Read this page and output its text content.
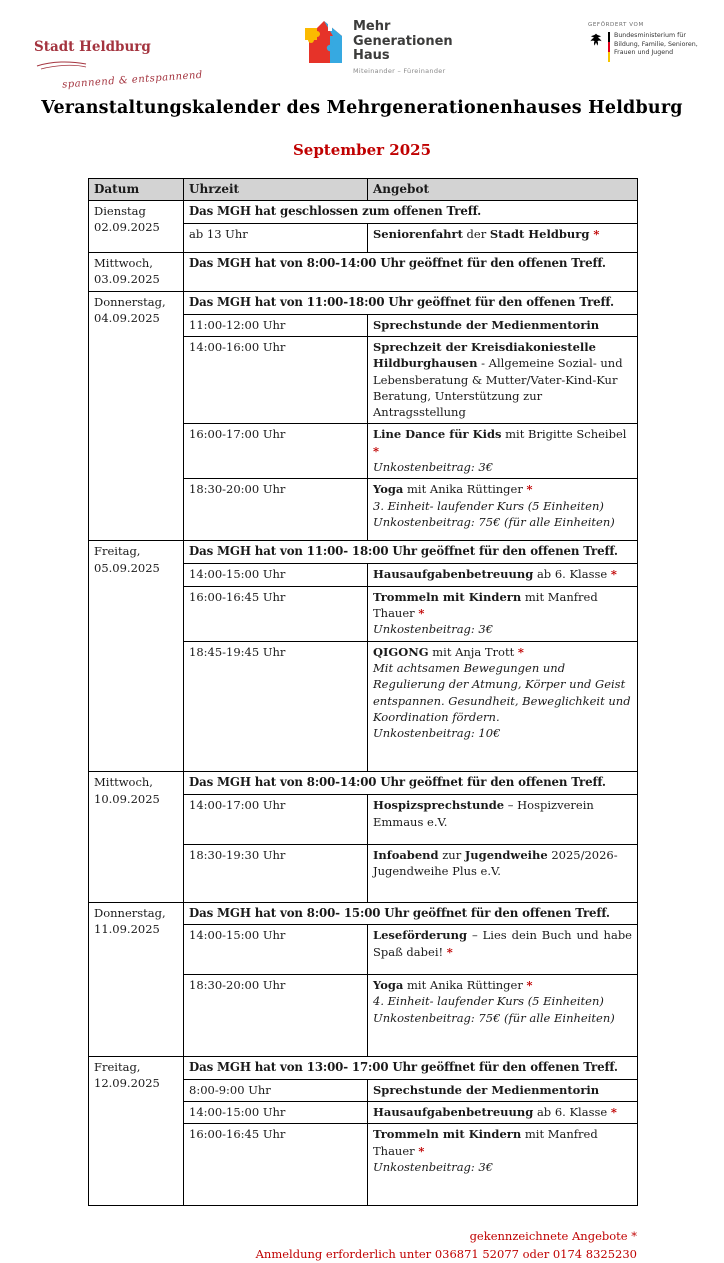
Stadt Heldburg
spannend & entspannend
Mehr
Generationen
Haus
Miteinander – Füreinander
GEFÖRDERT VOM
Bundesministerium für Bildung, Familie, Senioren, Frauen und Jugend
Veranstaltungskalender des Mehrgenerationenhauses Heldburg
September 2025
Datum	Uhrzeit	Angebot

Dienstag
02.09.2025	Das MGH hat geschlossen zum offenen Treff.	
	ab 13 Uhr	Seniorenfahrt der Stadt Heldburg *

Mittwoch,
03.09.2025	Das MGH hat von 8:00-14:00 Uhr geöffnet für den offenen Treff.	

Donnerstag,
04.09.2025	Das MGH hat von 11:00-18:00 Uhr geöffnet für den offenen Treff.	
	11:00-12:00 Uhr	Sprechstunde der Medienmentorin

	14:00-16:00 Uhr	Sprechzeit der Kreisdiakoniestelle Hildburghausen - Allgemeine Sozial- und Lebensberatung & Mutter/Vater-Kind-Kur Beratung, Unterstützung zur Antragsstellung

	16:00-17:00 Uhr	Line Dance für Kids mit Brigitte Scheibel *
Unkostenbeitrag: 3€

	18:30-20:00 Uhr	Yoga mit Anika Rüttinger *
3. Einheit- laufender Kurs (5 Einheiten)
Unkostenbeitrag: 75€ (für alle Einheiten)

Freitag,
05.09.2025	Das MGH hat von 11:00- 18:00 Uhr geöffnet für den offenen Treff.	
	14:00-15:00 Uhr	Hausaufgabenbetreuung ab 6. Klasse *

	16:00-16:45 Uhr	Trommeln mit Kindern mit Manfred Thauer *
Unkostenbeitrag: 3€

	18:45-19:45 Uhr	QIGONG mit Anja Trott *
Mit achtsamen Bewegungen und Regulierung der Atmung, Körper und Geist entspannen. Gesundheit, Beweglichkeit und Koordination fördern.
Unkostenbeitrag: 10€

Mittwoch,
10.09.2025	Das MGH hat von 8:00-14:00 Uhr geöffnet für den offenen Treff.	
	14:00-17:00 Uhr	Hospizsprechstunde – Hospizverein Emmaus e.V.

	18:30-19:30 Uhr	Infoabend zur Jugendweihe 2025/2026- Jugendweihe Plus e.V.

Donnerstag,
11.09.2025	Das MGH hat von 8:00- 15:00 Uhr geöffnet für den offenen Treff.	
	14:00-15:00 Uhr	Leseförderung – Lies dein Buch und habe Spaß dabei! *

	18:30-20:00 Uhr	Yoga mit Anika Rüttinger *
4. Einheit- laufender Kurs (5 Einheiten)
Unkostenbeitrag: 75€ (für alle Einheiten)

Freitag,
12.09.2025	Das MGH hat von 13:00- 17:00 Uhr geöffnet für den offenen Treff.	
	8:00-9:00 Uhr	Sprechstunde der Medienmentorin

	14:00-15:00 Uhr	Hausaufgabenbetreuung ab 6. Klasse *

	16:00-16:45 Uhr	Trommeln mit Kindern mit Manfred Thauer *
Unkostenbeitrag: 3€
gekennzeichnete Angebote *
Anmeldung erforderlich unter 036871 52077 oder 0174 8325230
